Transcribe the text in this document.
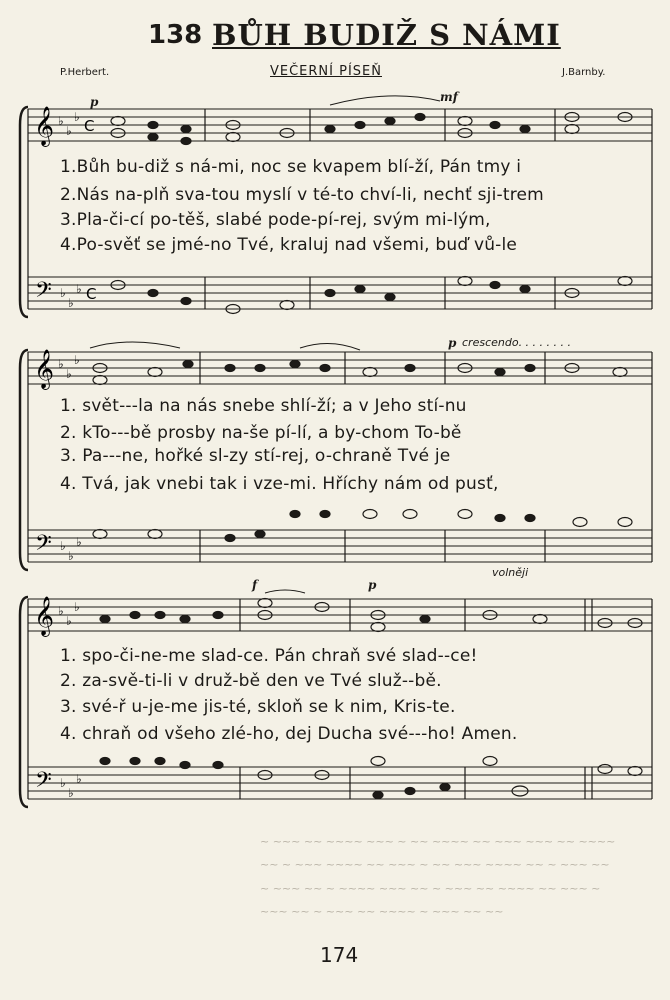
138 BŮH BUDIŽ S NÁMI
VEČERNÍ PÍSEŇ
P.Herbert.	J.Barnby.
𝄞
𝄢
♭
♭
♭
♭
♭
♭
C
C
p	mf
1.Bůh bu-diž s ná-mi, noc se kvapem blí-ží, Pán tmy i
2.Nás na-plň sva-tou myslí v té-to chví-li, nechť sji-trem
3.Pla-či-cí po-těš, slabé pode-pí-rej, svým mi-lým,
4.Po-svěť se jmé-no Tvé, kraluj nad všemi, buď vů-le
𝄞
𝄢
♭
♭
♭
♭
♭
♭
p crescendo. . . . . . . .
1. svět---la na nás snebe shlí-ží; a v Jeho stí-nu
2. kTo---bě prosby na-še pí-lí, a by-chom To-bě
3. Pa---ne, hořké sl-zy stí-rej, o-chraně Tvé je
4. Tvá, jak vnebi tak i vze-mi. Hříchy nám od pusť,
𝄞
𝄢
♭
♭
♭
♭
♭
♭
f	p
volněji
1. spo-či-ne-me slad-ce. Pán chraň své slad--ce!
2. za-svě-ti-li v druž-bě den ve Tvé služ--bě.
3. své-ř u-je-me jis-té, skloň se k nim, Kris-te.
4. chraň od všeho zlé-ho, dej Ducha své---ho! Amen.
~ ~~~ ~~ ~~~~ ~~~ ~ ~~ ~~~~ ~~ ~~~ ~~~ ~~ ~~~~
~~ ~ ~~~ ~~~~ ~~ ~~~ ~ ~~ ~~~ ~~~~ ~~ ~ ~~~ ~~
~ ~~~ ~~ ~ ~~~~ ~~~ ~~ ~ ~~~ ~~ ~~~~ ~~ ~~~ ~
~~~ ~~ ~ ~~~ ~~ ~~~~ ~ ~~~ ~~ ~~
174
